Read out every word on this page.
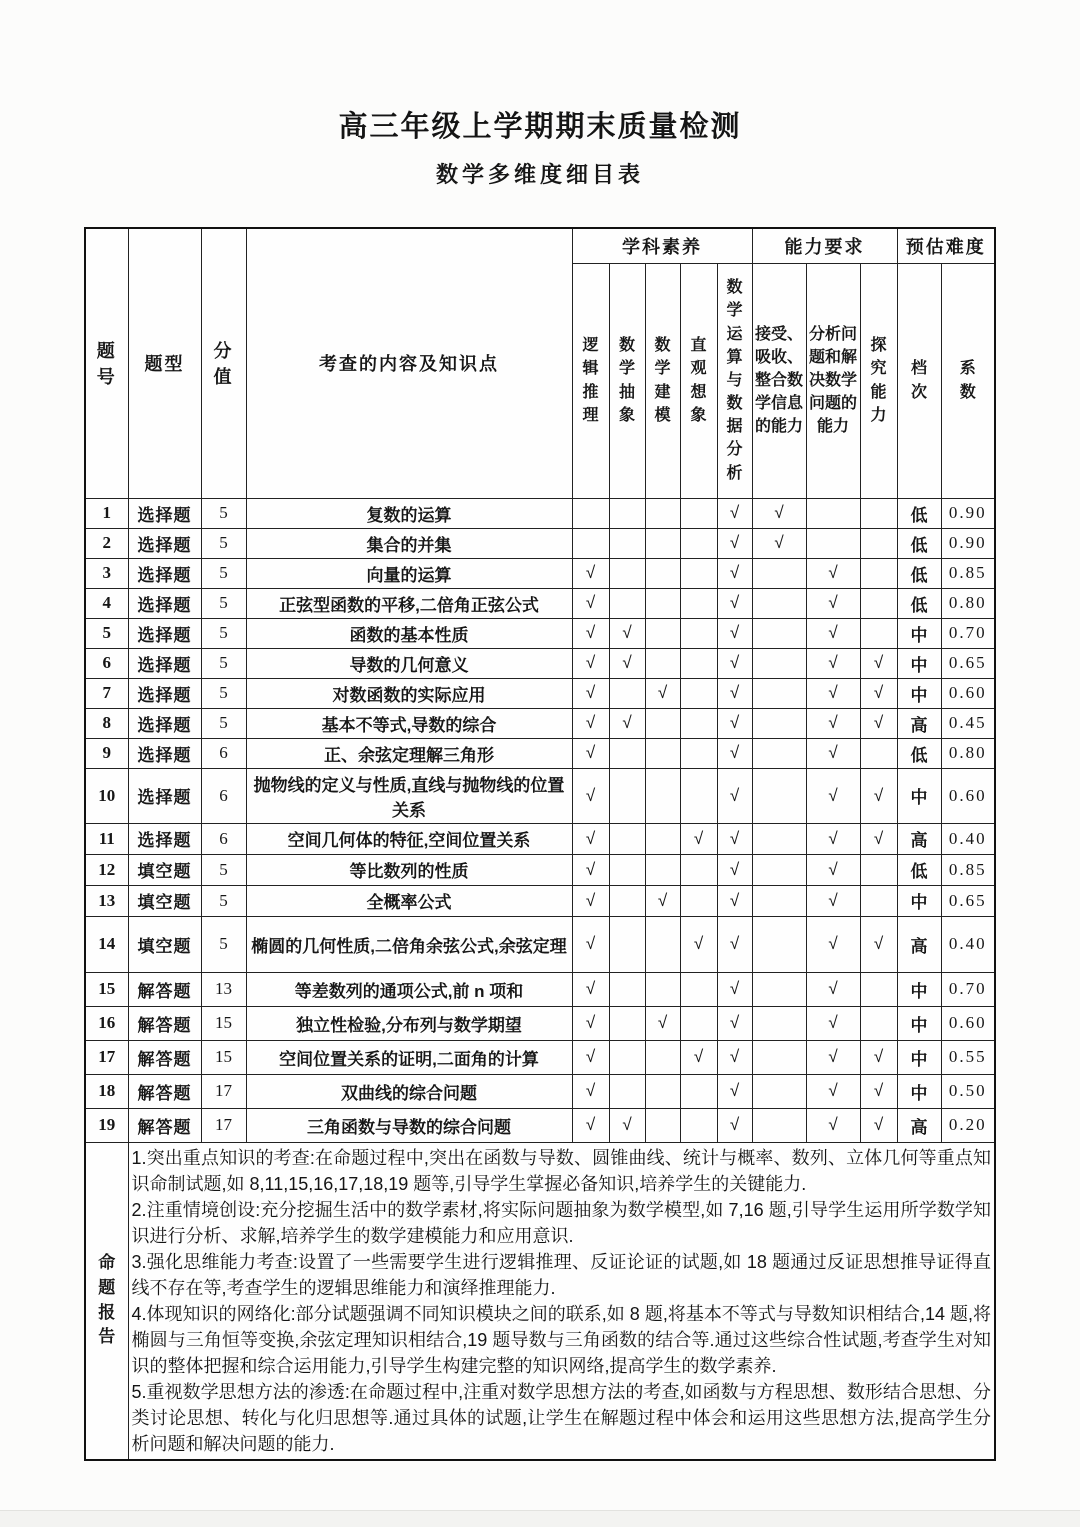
高三年级上学期期末质量检测
数学多维度细目表
题号	题型	分值	考查的内容及知识点	学科素养					能力要求			预估难度	
				逻辑推理	数学抽象	数学建模	直观想象	数学运算与数据分析	接受、吸收、整合数学信息的能力	分析问题和解决数学问题的能力	探究能力	档次	系数
1	选择题	5	复数的运算					√	√			低	0.90
2	选择题	5	集合的并集					√	√			低	0.90
3	选择题	5	向量的运算	√				√		√		低	0.85
4	选择题	5	正弦型函数的平移,二倍角正弦公式	√				√		√		低	0.80
5	选择题	5	函数的基本性质	√	√			√		√		中	0.70
6	选择题	5	导数的几何意义	√	√			√		√	√	中	0.65
7	选择题	5	对数函数的实际应用	√		√		√		√	√	中	0.60
8	选择题	5	基本不等式,导数的综合	√	√			√		√	√	高	0.45
9	选择题	6	正、余弦定理解三角形	√				√		√		低	0.80
10	选择题	6	抛物线的定义与性质,直线与抛物线的位置关系	√				√		√	√	中	0.60
11	选择题	6	空间几何体的特征,空间位置关系	√			√	√		√	√	高	0.40
12	填空题	5	等比数列的性质	√				√		√		低	0.85
13	填空题	5	全概率公式	√		√		√		√		中	0.65
14	填空题	5	椭圆的几何性质,二倍角余弦公式,余弦定理	√			√	√		√	√	高	0.40
15	解答题	13	等差数列的通项公式,前 n 项和	√				√		√		中	0.70
16	解答题	15	独立性检验,分布列与数学期望	√		√		√		√		中	0.60
17	解答题	15	空间位置关系的证明,二面角的计算	√			√	√		√	√	中	0.55
18	解答题	17	双曲线的综合问题	√				√		√	√	中	0.50
19	解答题	17	三角函数与导数的综合问题	√	√			√		√	√	高	0.20
命题报告	1.突出重点知识的考查:在命题过程中,突出在函数与导数、圆锥曲线、统计与概率、数列、立体几何等重点知识命制试题,如 8,11,15,16,17,18,19 题等,引导学生掌握必备知识,培养学生的关键能力.

2.注重情境创设:充分挖掘生活中的数学素材,将实际问题抽象为数学模型,如 7,16 题,引导学生运用所学数学知识进行分析、求解,培养学生的数学建模能力和应用意识.

3.强化思维能力考查:设置了一些需要学生进行逻辑推理、反证论证的试题,如 18 题通过反证思想推导证得直线不存在等,考查学生的逻辑思维能力和演绎推理能力.

4.体现知识的网络化:部分试题强调不同知识模块之间的联系,如 8 题,将基本不等式与导数知识相结合,14 题,将椭圆与三角恒等变换,余弦定理知识相结合,19 题导数与三角函数的结合等.通过这些综合性试题,考查学生对知识的整体把握和综合运用能力,引导学生构建完整的知识网络,提高学生的数学素养.

5.重视数学思想方法的渗透:在命题过程中,注重对数学思想方法的考查,如函数与方程思想、数形结合思想、分类讨论思想、转化与化归思想等.通过具体的试题,让学生在解题过程中体会和运用这些思想方法,提高学生分析问题和解决问题的能力.												
